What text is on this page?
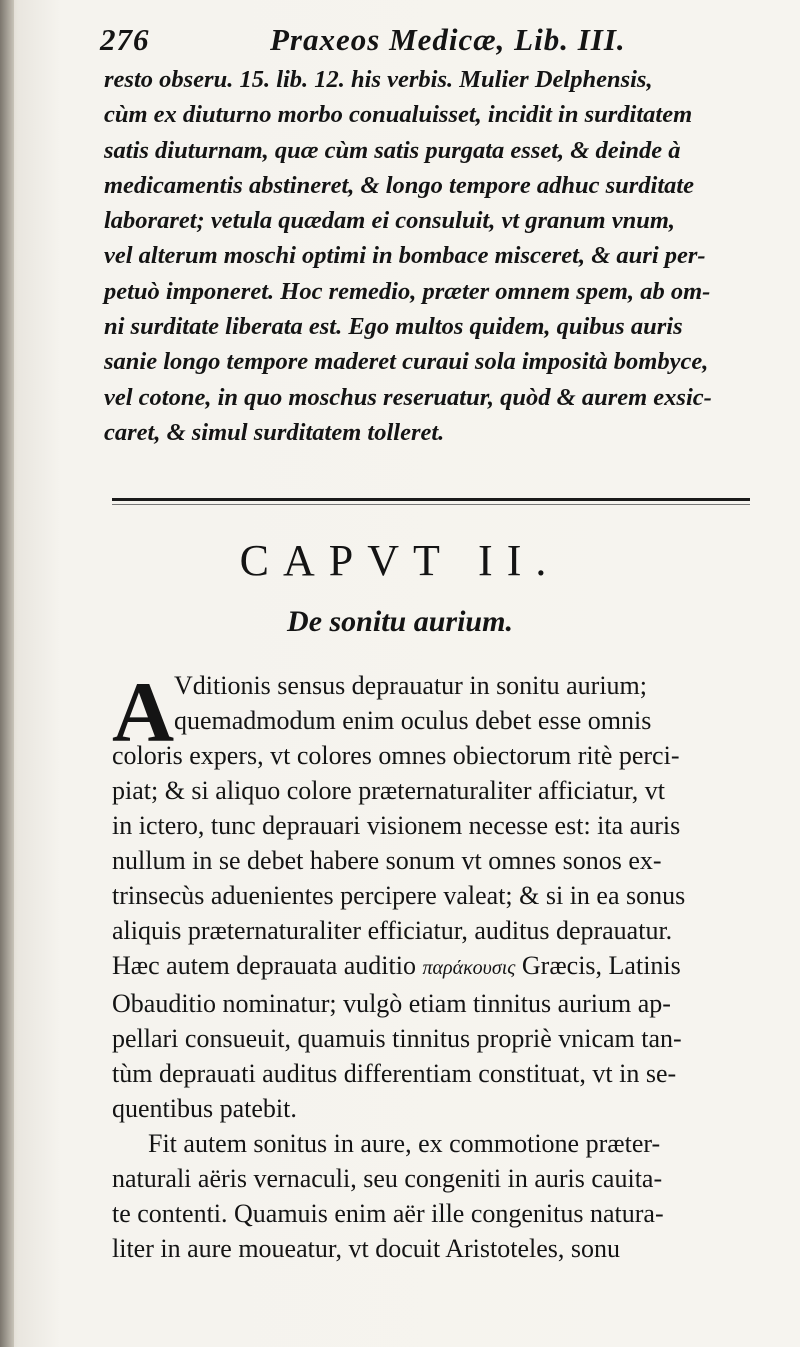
276	Praxeos Medicæ, Lib. III.
resto obseru. 15. lib. 12. his verbis. Mulier Delphensis,
cùm ex diuturno morbo conualuisset, incidit in surditatem
satis diuturnam, quæ cùm satis purgata esset, & deinde à
medicamentis abstineret, & longo tempore adhuc surditate
laboraret; vetula quædam ei consuluit, vt granum vnum,
vel alterum moschi optimi in bombace misceret, & auri per-
petuò imponeret. Hoc remedio, præter omnem spem, ab om-
ni surditate liberata est. Ego multos quidem, quibus auris
sanie longo tempore maderet curaui sola imposità bombyce,
vel cotone, in quo moschus reseruatur, quòd & aurem exsic-
caret, & simul surditatem tolleret.
CAPVT II.
De sonitu aurium.
A Vditionis sensus deprauatur in sonitu aurium;
quemadmodum enim oculus debet esse omnis
coloris expers, vt colores omnes obiectorum ritè perci-
piat; & si aliquo colore præternaturaliter afficiatur, vt
in ictero, tunc deprauari visionem necesse est: ita auris
nullum in se debet habere sonum vt omnes sonos ex-
trinsecùs aduenientes percipere valeat; & si in ea sonus
aliquis præternaturaliter efficiatur, auditus deprauatur.
Hæc autem deprauata auditio παράκουσις Græcis, Latinis
Obauditio nominatur; vulgò etiam tinnitus aurium ap-
pellari consueuit, quamuis tinnitus propriè vnicam tan-
tùm deprauati auditus differentiam constituat, vt in se-
quentibus patebit.
Fit autem sonitus in aure, ex commotione præter-
naturali aëris vernaculi, seu congeniti in auris cauita-
te contenti. Quamuis enim aër ille congenitus natura-
liter in aure moueatur, vt docuit Aristoteles, sonu
